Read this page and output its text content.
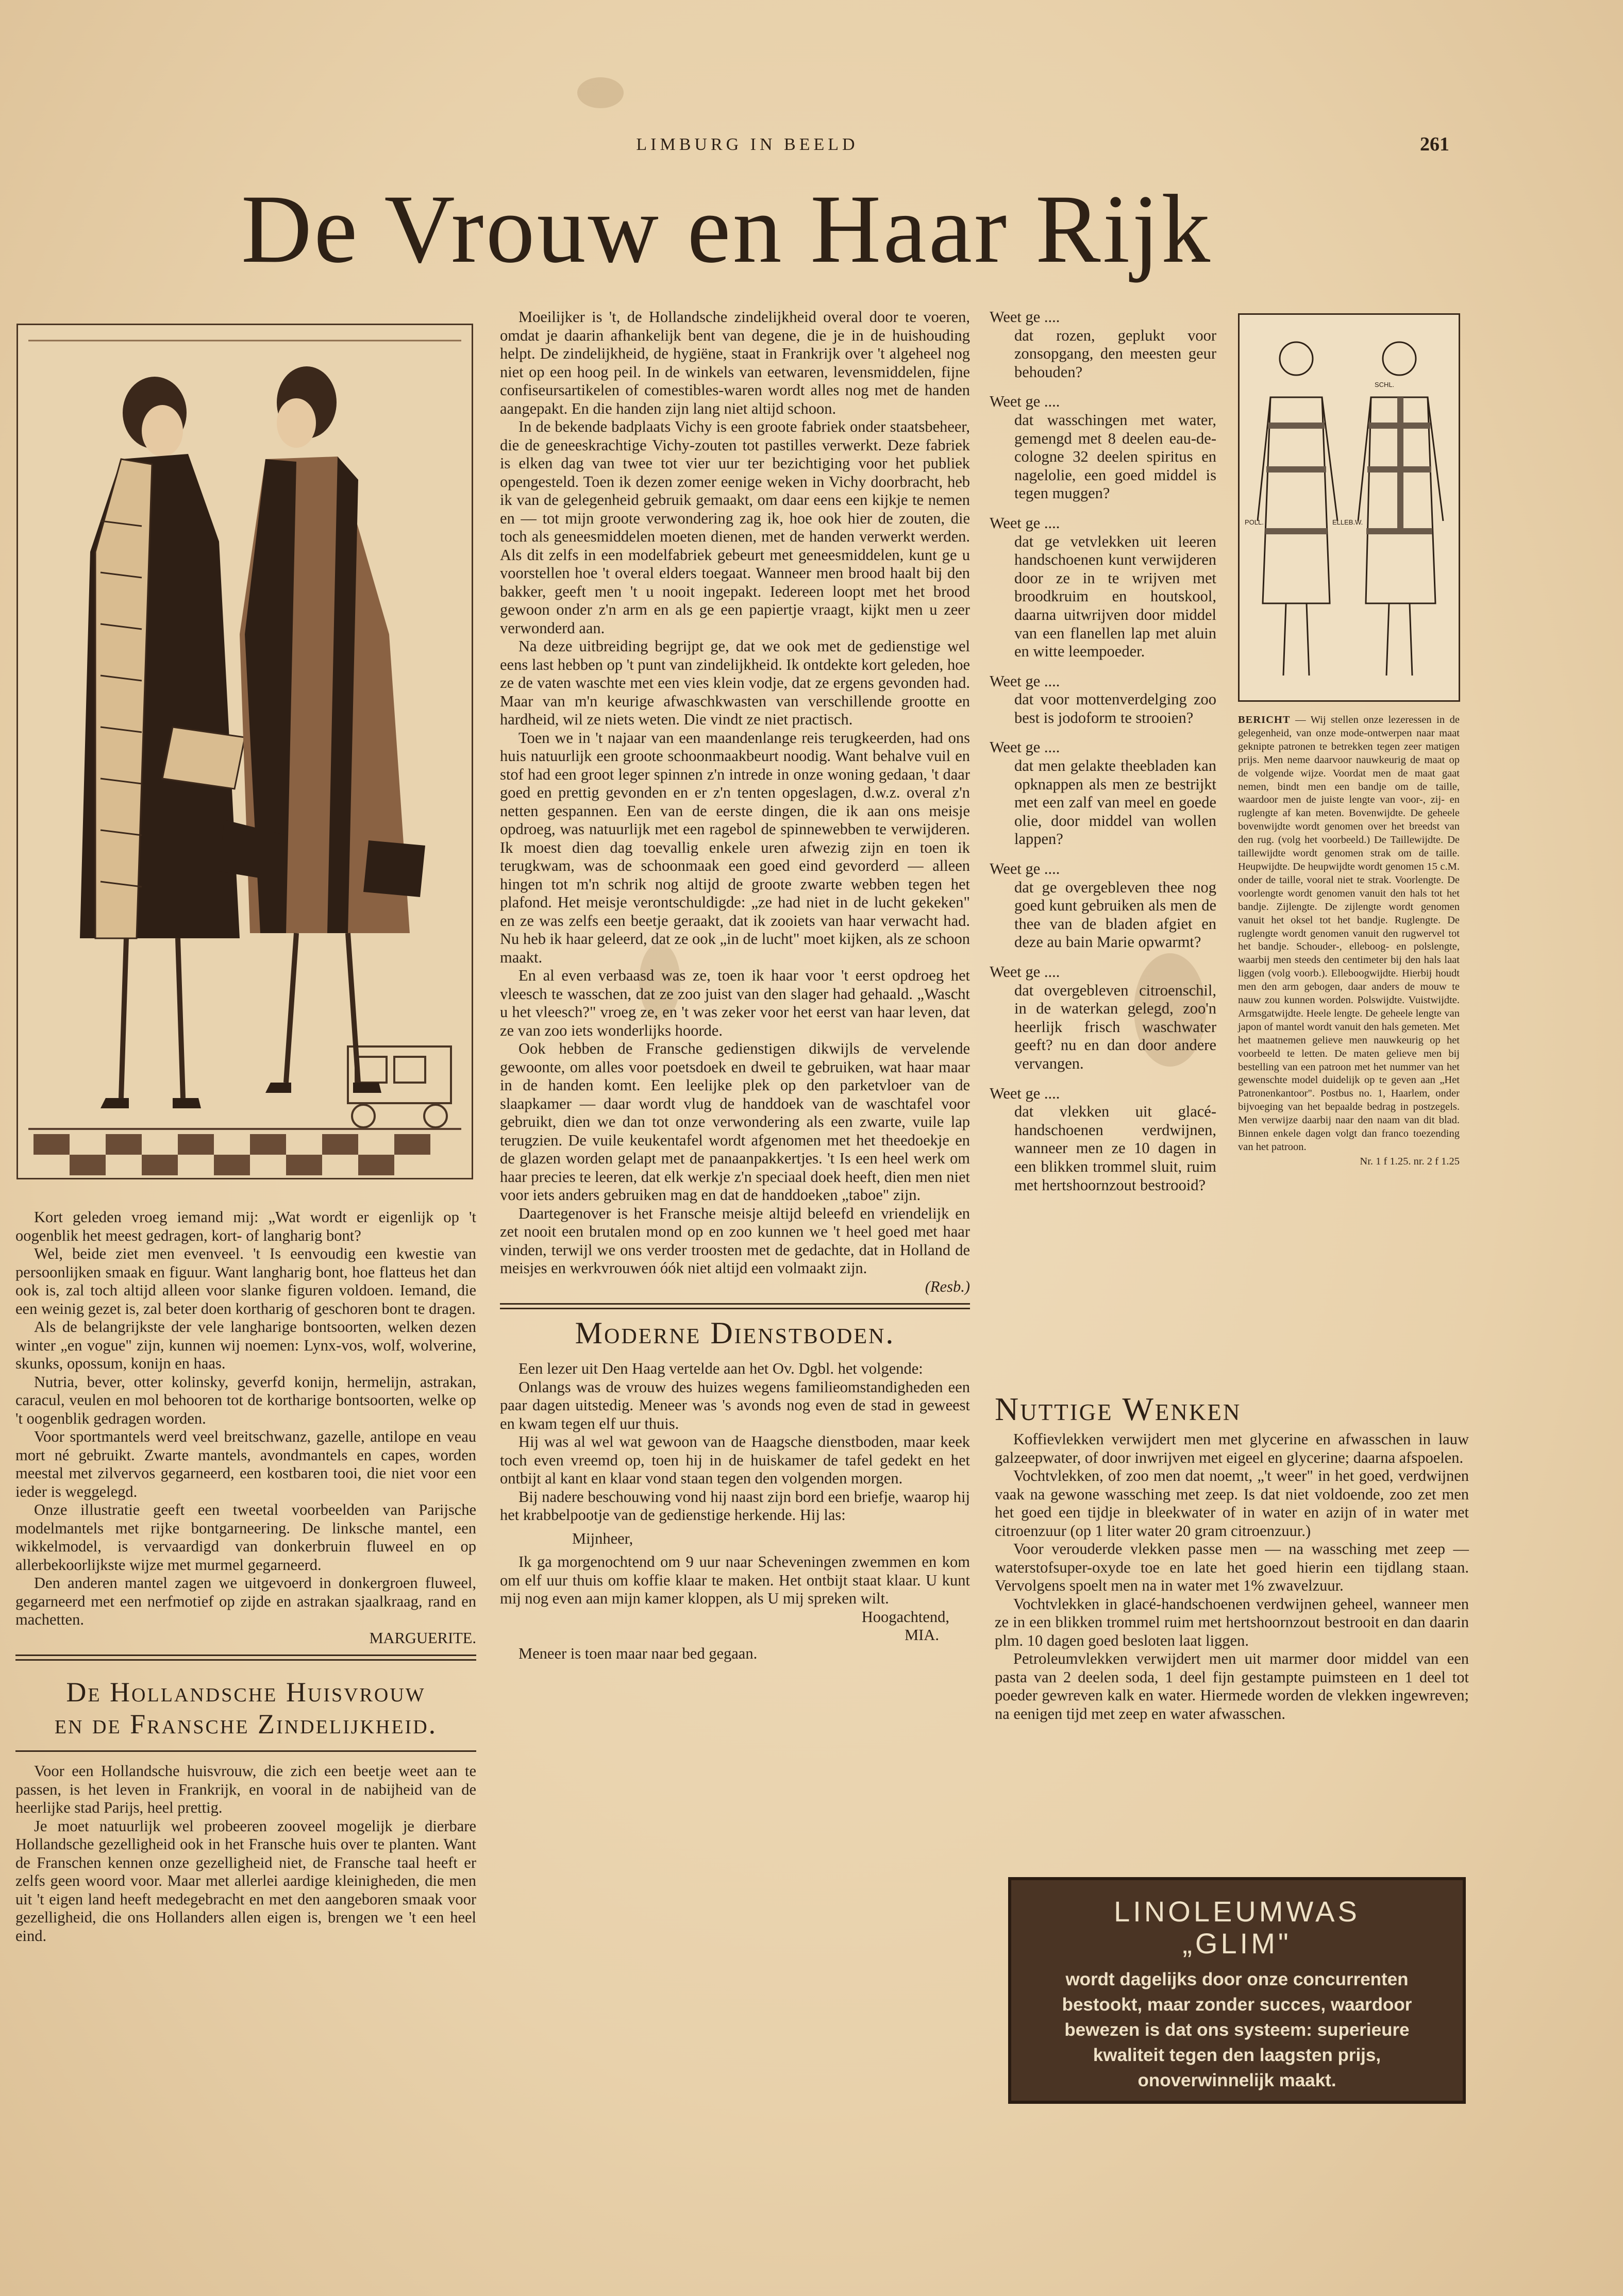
LIMBURG IN BEELD	261
De Vrouw en Haar Rijk

Kort geleden vroeg iemand mij: „Wat wordt er eigenlijk op 't oogenblik het meest gedragen, kort- of langharig bont?

Wel, beide ziet men evenveel. 't Is eenvoudig een kwestie van persoonlijken smaak en figuur. Want langharig bont, hoe flatteus het dan ook is, zal toch altijd alleen voor slanke figuren voldoen. Iemand, die een weinig gezet is, zal beter doen kortharig of geschoren bont te dragen.

Als de belangrijkste der vele langharige bontsoorten, welken dezen winter „en vogue" zijn, kunnen wij noemen: Lynx-vos, wolf, wolverine, skunks, opossum, konijn en haas.

Nutria, bever, otter kolinsky, geverfd konijn, hermelijn, astrakan, caracul, veulen en mol behooren tot de kortharige bontsoorten, welke op 't oogenblik gedragen worden.

Voor sportmantels werd veel breitschwanz, gazelle, antilope en veau mort né gebruikt. Zwarte mantels, avondmantels en capes, worden meestal met zilvervos gegarneerd, een kostbaren tooi, die niet voor een ieder is weggelegd.

Onze illustratie geeft een tweetal voorbeelden van Parijsche modelmantels met rijke bontgarneering. De linksche mantel, een wikkelmodel, is vervaardigd van donkerbruin fluweel en op allerbekoorlijkste wijze met murmel gegarneerd.

Den anderen mantel zagen we uitgevoerd in donkergroen fluweel, gegarneerd met een nerfmotief op zijde en astrakan sjaalkraag, rand en machetten.

MARGUERITE.

De Hollandsche Huisvrouw
en de Fransche Zindelijkheid.

Voor een Hollandsche huisvrouw, die zich een beetje weet aan te passen, is het leven in Frankrijk, en vooral in de nabijheid van de heerlijke stad Parijs, heel prettig.

Je moet natuurlijk wel probeeren zooveel mogelijk je dierbare Hollandsche gezelligheid ook in het Fransche huis over te planten. Want de Franschen kennen onze gezelligheid niet, de Fransche taal heeft er zelfs geen woord voor. Maar met allerlei aardige kleinigheden, die men uit 't eigen land heeft medegebracht en met den aangeboren smaak voor gezelligheid, die ons Hollanders allen eigen is, brengen we 't een heel eind.

Moeilijker is 't, de Hollandsche zindelijkheid overal door te voeren, omdat je daarin afhankelijk bent van degene, die je in de huishouding helpt. De zindelijkheid, de hygiëne, staat in Frankrijk over 't algeheel nog niet op een hoog peil. In de winkels van eetwaren, levensmiddelen, fijne confiseursartikelen of comestibles-waren wordt alles nog met de handen aangepakt. En die handen zijn lang niet altijd schoon.

In de bekende badplaats Vichy is een groote fabriek onder staatsbeheer, die de geneeskrachtige Vichy-zouten tot pastilles verwerkt. Deze fabriek is elken dag van twee tot vier uur ter bezichtiging voor het publiek opengesteld. Toen ik dezen zomer eenige weken in Vichy doorbracht, heb ik van de gelegenheid gebruik gemaakt, om daar eens een kijkje te nemen en — tot mijn groote verwondering zag ik, hoe ook hier de zouten, die toch als geneesmiddelen moeten dienen, met de handen verwerkt werden. Als dit zelfs in een modelfabriek gebeurt met geneesmiddelen, kunt ge u voorstellen hoe 't overal elders toegaat. Wanneer men brood haalt bij den bakker, geeft men 't u nooit ingepakt. Iedereen loopt met het brood gewoon onder z'n arm en als ge een papiertje vraagt, kijkt men u zeer verwonderd aan.

Na deze uitbreiding begrijpt ge, dat we ook met de gedienstige wel eens last hebben op 't punt van zindelijkheid. Ik ontdekte kort geleden, hoe ze de vaten waschte met een vies klein vodje, dat ze ergens gevonden had. Maar van m'n keurige afwaschkwasten van verschillende grootte en hardheid, wil ze niets weten. Die vindt ze niet practisch.

Toen we in 't najaar van een maandenlange reis terugkeerden, had ons huis natuurlijk een groote schoonmaakbeurt noodig. Want behalve vuil en stof had een groot leger spinnen z'n intrede in onze woning gedaan, 't daar goed en prettig gevonden en er z'n tenten opgeslagen, d.w.z. overal z'n netten gespannen. Een van de eerste dingen, die ik aan ons meisje opdroeg, was natuurlijk met een ragebol de spinnewebben te verwijderen. Ik moest dien dag toevallig enkele uren afwezig zijn en toen ik terugkwam, was de schoonmaak een goed eind gevorderd — alleen hingen tot m'n schrik nog altijd de groote zwarte webben tegen het plafond. Het meisje verontschuldigde: „ze had niet in de lucht gekeken" en ze was zelfs een beetje geraakt, dat ik zooiets van haar verwacht had. Nu heb ik haar geleerd, dat ze ook „in de lucht" moet kijken, als ze schoon maakt.

En al even verbaasd was ze, toen ik haar voor 't eerst opdroeg het vleesch te wasschen, dat ze zoo juist van den slager had gehaald. „Wascht u het vleesch?" vroeg ze, en 't was zeker voor het eerst van haar leven, dat ze van zoo iets wonderlijks hoorde.

Ook hebben de Fransche gedienstigen dikwijls de vervelende gewoonte, om alles voor poetsdoek en dweil te gebruiken, wat haar maar in de handen komt. Een leelijke plek op den parketvloer van de slaapkamer — daar wordt vlug de handdoek van de waschtafel voor gebruikt, dien we dan tot onze verwondering als een zwarte, vuile lap terugzien. De vuile keukentafel wordt afgenomen met het theedoekje en de glazen worden gelapt met de panaanpakkertjes. 't Is een heel werk om haar precies te leeren, dat elk werkje z'n speciaal doek heeft, dien men niet voor iets anders gebruiken mag en dat de handdoeken „taboe" zijn.

Daartegenover is het Fransche meisje altijd beleefd en vriendelijk en zet nooit een brutalen mond op en zoo kunnen we 't heel goed met haar vinden, terwijl we ons verder troosten met de gedachte, dat in Holland de meisjes en werkvrouwen óók niet altijd een volmaakt zijn.

(Resb.)

Moderne Dienstboden.

Een lezer uit Den Haag vertelde aan het Ov. Dgbl. het volgende:

Onlangs was de vrouw des huizes wegens familieomstandigheden een paar dagen uitstedig. Meneer was 's avonds nog even de stad in geweest en kwam tegen elf uur thuis.

Hij was al wel wat gewoon van de Haagsche dienstboden, maar keek toch even vreemd op, toen hij in de huiskamer de tafel gedekt en het ontbijt al kant en klaar vond staan tegen den volgenden morgen.

Bij nadere beschouwing vond hij naast zijn bord een briefje, waarop hij het krabbelpootje van de gedienstige herkende. Hij las:

Mijnheer,

Ik ga morgenochtend om 9 uur naar Scheveningen zwemmen en kom om elf uur thuis om koffie klaar te maken. Het ontbijt staat klaar. U kunt mij nog even aan mijn kamer kloppen, als U mij spreken wilt.

Hoogachtend,

MIA.

Meneer is toen maar naar bed gegaan.

Weet ge ....
dat rozen, geplukt voor zonsopgang, den meesten geur behouden?
Weet ge ....
dat wasschingen met water, gemengd met 8 deelen eau-de-cologne 32 deelen spiritus en nagelolie, een goed middel is tegen muggen?
Weet ge ....
dat ge vetvlekken uit leeren handschoenen kunt verwijderen door ze in te wrijven met broodkruim en houtskool, daarna uitwrijven door middel van een flanellen lap met aluin en witte leempoeder.
Weet ge ....
dat voor mottenverdelging zoo best is jodoform te strooien?
Weet ge ....
dat men gelakte theebladen kan opknappen als men ze bestrijkt met een zalf van meel en goede olie, door middel van wollen lappen?
Weet ge ....
dat ge overgebleven thee nog goed kunt gebruiken als men de thee van de bladen afgiet en deze au bain Marie opwarmt?
Weet ge ....
dat overgebleven citroenschil, in de waterkan gelegd, zoo'n heerlijk frisch waschwater geeft? nu en dan door andere vervangen.
Weet ge ....
dat vlekken uit glacé-handschoenen verdwijnen, wanneer men ze 10 dagen in een blikken trommel sluit, ruim met hertshoornzout bestrooid?
SCHL.
POLL.	ELLEB.W.
BERICHT — Wij stellen onze lezeressen in de gelegenheid, van onze mode-ontwerpen naar maat geknipte patronen te betrekken tegen zeer matigen prijs. Men neme daarvoor nauwkeurig de maat op de volgende wijze. Voordat men de maat gaat nemen, bindt men een bandje om de taille, waardoor men de juiste lengte van voor-, zij- en ruglengte af kan meten. Bovenwijdte. De geheele bovenwijdte wordt genomen over het breedst van den rug. (volg het voorbeeld.) De Taillewijdte. De taillewijdte wordt genomen strak om de taille. Heupwijdte. De heupwijdte wordt genomen 15 c.M. onder de taille, vooral niet te strak. Voorlengte. De voorlengte wordt genomen vanuit den hals tot het bandje. Zijlengte. De zijlengte wordt genomen vanuit het oksel tot het bandje. Ruglengte. De ruglengte wordt genomen vanuit den rugwervel tot het bandje. Schouder-, elleboog- en polslengte, waarbij men steeds den centimeter bij den hals laat liggen (volg voorb.). Elleboogwijdte. Hierbij houdt men den arm gebogen, daar anders de mouw te nauw zou kunnen worden. Polswijdte. Vuistwijdte. Armsgatwijdte. Heele lengte. De geheele lengte van japon of mantel wordt vanuit den hals gemeten. Met het maatnemen gelieve men nauwkeurig op het voorbeeld te letten. De maten gelieve men bij bestelling van een patroon met het nummer van het gewenschte model duidelijk op te geven aan „Het Patronenkantoor". Postbus no. 1, Haarlem, onder bijvoeging van het bepaalde bedrag in postzegels. Men verwijze daarbij naar den naam van dit blad. Binnen enkele dagen volgt dan franco toezending van het patroon.
Nr. 1 f 1.25. nr. 2 f 1.25
Nuttige Wenken

Koffievlekken verwijdert men met glycerine en afwasschen in lauw galzeepwater, of door inwrijven met eigeel en glycerine; daarna afspoelen.

Vochtvlekken, of zoo men dat noemt, „'t weer" in het goed, verdwijnen vaak na gewone wassching met zeep. Is dat niet voldoende, zoo zet men het goed een tijdje in bleekwater of in water en azijn of in water met citroenzuur (op 1 liter water 20 gram citroenzuur.)

Voor verouderde vlekken passe men — na wassching met zeep — waterstofsuper-oxyde toe en late het goed hierin een tijdlang staan. Vervolgens spoelt men na in water met 1% zwavelzuur.

Vochtvlekken in glacé-handschoenen verdwijnen geheel, wanneer men ze in een blikken trommel ruim met hertshoornzout bestrooit en dan daarin plm. 10 dagen goed besloten laat liggen.

Petroleumvlekken verwijdert men uit marmer door middel van een pasta van 2 deelen soda, 1 deel fijn gestampte puimsteen en 1 deel tot poeder gewreven kalk en water. Hiermede worden de vlekken ingewreven; na eenigen tijd met zeep en water afwasschen.

LINOLEUMWAS
„GLIM"
wordt dagelijks door onze concurrenten bestookt, maar zonder succes, waardoor bewezen is dat ons systeem: superieure kwaliteit tegen den laagsten prijs, onoverwinnelijk maakt.
